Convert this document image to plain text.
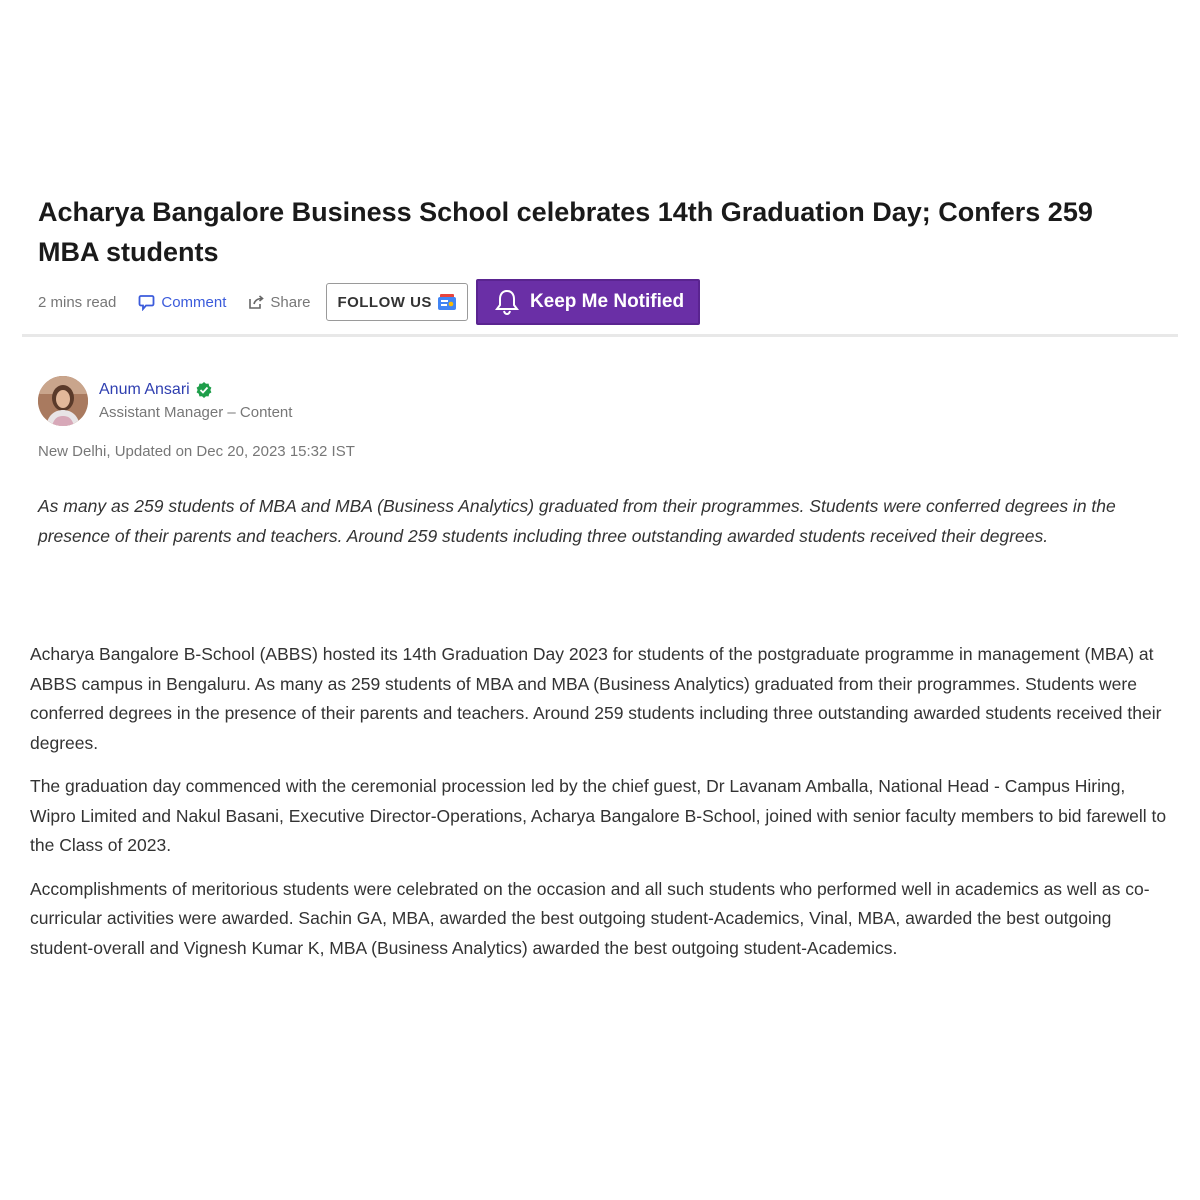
Acharya Bangalore Business School celebrates 14th Graduation Day; Confers 259 MBA students
2 mins read	Comment	Share FOLLOW US	Keep Me Notified
Anum Ansari
Assistant Manager – Content
New Delhi, Updated on Dec 20, 2023 15:32 IST

As many as 259 students of MBA and MBA (Business Analytics) graduated from their programmes. Students were conferred degrees in the presence of their parents and teachers. Around 259 students including three outstanding awarded students received their degrees.

Acharya Bangalore B-School (ABBS) hosted its 14th Graduation Day 2023 for students of the postgraduate programme in management (MBA) at ABBS campus in Bengaluru. As many as 259 students of MBA and MBA (Business Analytics) graduated from their programmes. Students were conferred degrees in the presence of their parents and teachers. Around 259 students including three outstanding awarded students received their degrees.

The graduation day commenced with the ceremonial procession led by the chief guest, Dr Lavanam Amballa, National Head - Campus Hiring, Wipro Limited and Nakul Basani, Executive Director-Operations, Acharya Bangalore B-School, joined with senior faculty members to bid farewell to the Class of 2023.

Accomplishments of meritorious students were celebrated on the occasion and all such students who performed well in academics as well as co-curricular activities were awarded. Sachin GA, MBA, awarded the best outgoing student-Academics, Vinal, MBA, awarded the best outgoing student-overall and Vignesh Kumar K, MBA (Business Analytics) awarded the best outgoing student-Academics.
